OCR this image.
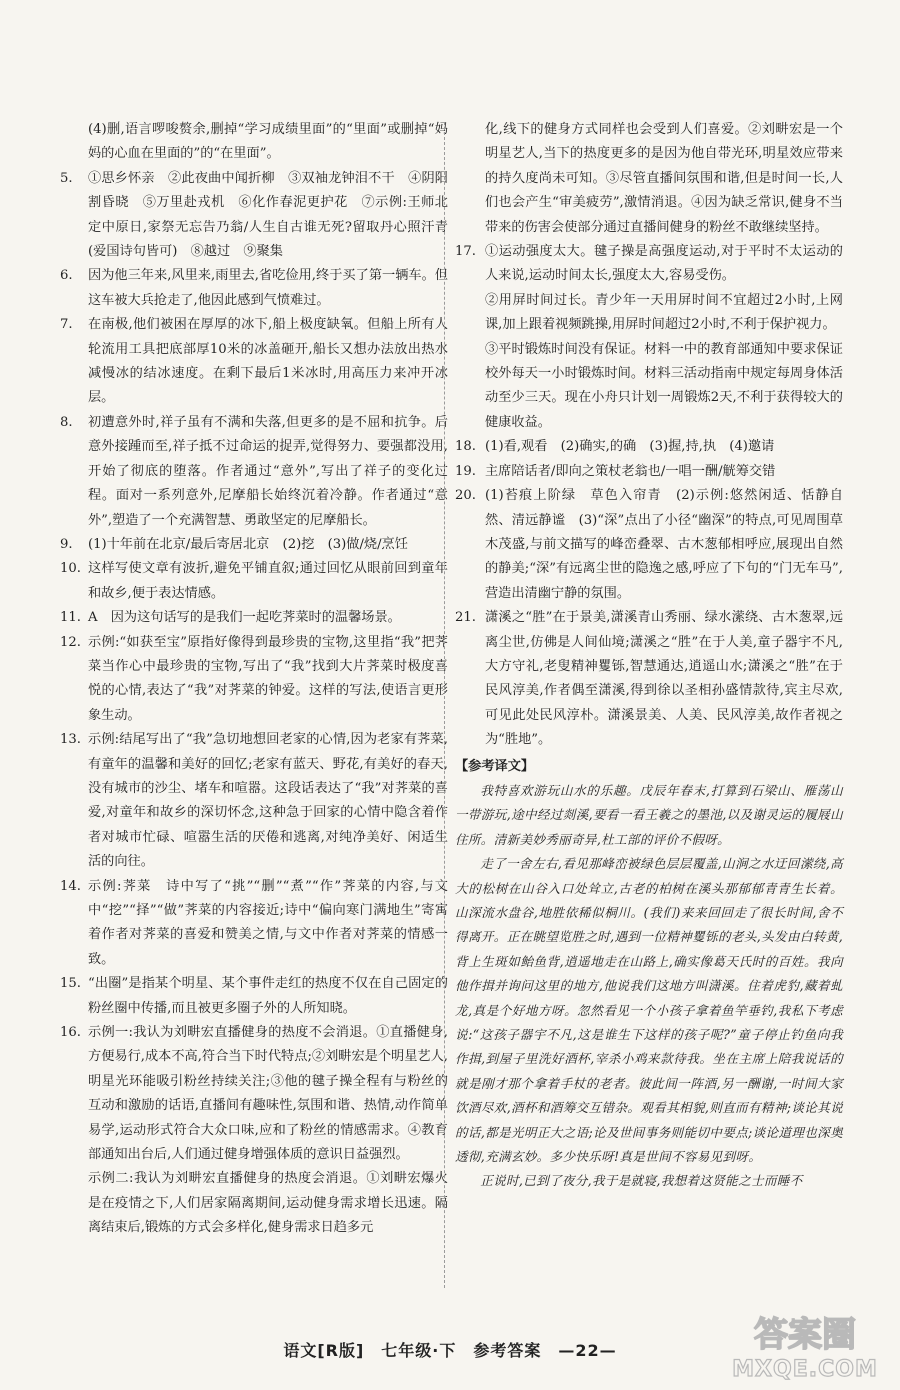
(4)删,语言啰唆赘余,删掉“学习成绩里面”的“里面”或删掉“妈妈的心血在里面的”的“在里面”。
5.	①思乡怀亲　②此夜曲中闻折柳　③双袖龙钟泪不干　④阴阳割昏晓　⑤万里赴戎机　⑥化作春泥更护花　⑦示例:王师北定中原日,家祭无忘告乃翁/人生自古谁无死?留取丹心照汗青(爱国诗句皆可)　⑧越过　⑨聚集
6.	因为他三年来,风里来,雨里去,省吃俭用,终于买了第一辆车。但这车被大兵抢走了,他因此感到气愤难过。
7.	在南极,他们被困在厚厚的冰下,船上极度缺氧。但船上所有人轮流用工具把底部厚10米的冰盖砸开,船长又想办法放出热水减慢冰的结冰速度。在剩下最后1米冰时,用高压力来冲开冰层。
8.	初遭意外时,祥子虽有不满和失落,但更多的是不屈和抗争。后意外接踵而至,祥子抵不过命运的捉弄,觉得努力、要强都没用,开始了彻底的堕落。作者通过“意外”,写出了祥子的变化过程。面对一系列意外,尼摩船长始终沉着冷静。作者通过“意外”,塑造了一个充满智慧、勇敢坚定的尼摩船长。
9.	(1)十年前在北京/最后寄居北京　(2)挖　(3)做/烧/烹饪
10. 这样写使文章有波折,避免平铺直叙;通过回忆从眼前回到童年和故乡,便于表达情感。
11. A　因为这句话写的是我们一起吃荠菜时的温馨场景。
12. 示例:“如获至宝”原指好像得到最珍贵的宝物,这里指“我”把荠菜当作心中最珍贵的宝物,写出了“我”找到大片荠菜时极度喜悦的心情,表达了“我”对荠菜的钟爱。这样的写法,使语言更形象生动。
13. 示例:结尾写出了“我”急切地想回老家的心情,因为老家有荠菜,有童年的温馨和美好的回忆;老家有蓝天、野花,有美好的春天,没有城市的沙尘、堵车和喧嚣。这段话表达了“我”对荠菜的喜爱,对童年和故乡的深切怀念,这种急于回家的心情中隐含着作者对城市忙碌、喧嚣生活的厌倦和逃离,对纯净美好、闲适生活的向往。
14. 示例:荠菜　诗中写了“挑”“删”“煮”“作”荠菜的内容,与文中“挖”“择”“做”荠菜的内容接近;诗中“偏向寒门满地生”寄寓着作者对荠菜的喜爱和赞美之情,与文中作者对荠菜的情感一致。
15. “出圈”是指某个明星、某个事件走红的热度不仅在自己固定的粉丝圈中传播,而且被更多圈子外的人所知晓。
16. 示例一:我认为刘畊宏直播健身的热度不会消退。①直播健身,方便易行,成本不高,符合当下时代特点;②刘畊宏是个明星艺人,明星光环能吸引粉丝持续关注;③他的毽子操全程有与粉丝的互动和激励的话语,直播间有趣味性,氛围和谐、热情,动作简单易学,运动形式符合大众口味,应和了粉丝的情感需求。④教育部通知出台后,人们通过健身增强体质的意识日益强烈。
示例二:我认为刘畊宏直播健身的热度会消退。①刘畊宏爆火是在疫情之下,人们居家隔离期间,运动健身需求增长迅速。隔离结束后,锻炼的方式会多样化,健身需求日趋多元
化,线下的健身方式同样也会受到人们喜爱。②刘畊宏是一个明星艺人,当下的热度更多的是因为他自带光环,明星效应带来的持久度尚未可知。③尽管直播间氛围和谐,但是时间一长,人们也会产生“审美疲劳”,激情消退。④因为缺乏常识,健身不当带来的伤害会使部分通过直播间健身的粉丝不敢继续坚持。
17. ①运动强度太大。毽子操是高强度运动,对于平时不太运动的人来说,运动时间太长,强度太大,容易受伤。
②用屏时间过长。青少年一天用屏时间不宜超过2小时,上网课,加上跟着视频跳操,用屏时间超过2小时,不利于保护视力。
③平时锻炼时间没有保证。材料一中的教育部通知中要求保证校外每天一小时锻炼时间。材料三活动指南中规定每周身体活动至少三天。现在小舟只计划一周锻炼2天,不利于获得较大的健康收益。
18. (1)看,观看　(2)确实,的确　(3)握,持,执　(4)邀请
19. 主席陪话者/即向之策杖老翁也/一唱一酬/觥筹交错
20. (1)苔痕上阶绿　草色入帘青　(2)示例:悠然闲适、恬静自然、清远静谧　(3)“深”点出了小径“幽深”的特点,可见周围草木茂盛,与前文描写的峰峦叠翠、古木葱郁相呼应,展现出自然的静美;“深”有远离尘世的隐逸之感,呼应了下句的“门无车马”,营造出清幽宁静的氛围。
21. 潇溪之“胜”在于景美,潇溪青山秀丽、绿水潆绕、古木葱翠,远离尘世,仿佛是人间仙境;潇溪之“胜”在于人美,童子器宇不凡,大方守礼,老叟精神矍铄,智慧通达,逍遥山水;潇溪之“胜”在于民风淳美,作者偶至潇溪,得到徐以圣相孙盛情款待,宾主尽欢,可见此处民风淳朴。潇溪景美、人美、民风淳美,故作者视之为“胜地”。
【参考译文】
我特喜欢游玩山水的乐趣。戊辰年春末,打算到石梁山、雁荡山一带游玩,途中经过剡溪,要看一看王羲之的墨池,以及谢灵运的履屐山住所。清新美妙秀丽奇异,杜工部的评价不假呀。
走了一舍左右,看见那峰峦被绿色层层覆盖,山涧之水迂回潆绕,高大的松树在山谷入口处耸立,古老的柏树在溪头那郁郁青青生长着。山深流水盘谷,地胜依稀似桐川。(我们)来来回回走了很长时间,舍不得离开。正在眺望览胜之时,遇到一位精神矍铄的老头,头发由白转黄,背上生斑如鲐鱼背,逍遥地走在山路上,确实像葛天氏时的百姓。我向他作揖并询问这里的地方,他说我们这地方叫潇溪。住着虎豹,藏着虬龙,真是个好地方呀。忽然看见一个小孩子拿着鱼竿垂钓,我私下考虑说:“这孩子器宇不凡,这是谁生下这样的孩子呢?”童子停止钓鱼向我作揖,到屋子里洗好酒杯,宰杀小鸡来款待我。坐在主席上陪我说话的就是刚才那个拿着手杖的老者。彼此间一阵酒,另一酬谢,一时间大家饮酒尽欢,酒杯和酒筹交互错杂。观看其相貌,则直而有精神;谈论其说的话,都是光明正大之语;论及世间事务则能切中要点;谈论道理也深奥透彻,充满玄妙。多少快乐呀!真是世间不容易见到呀。
正说时,已到了夜分,我于是就寝,我想着这贤能之士而睡不
语文[R版]　七年级·下　参考答案　—22—	答案圈
MXQE.COM
